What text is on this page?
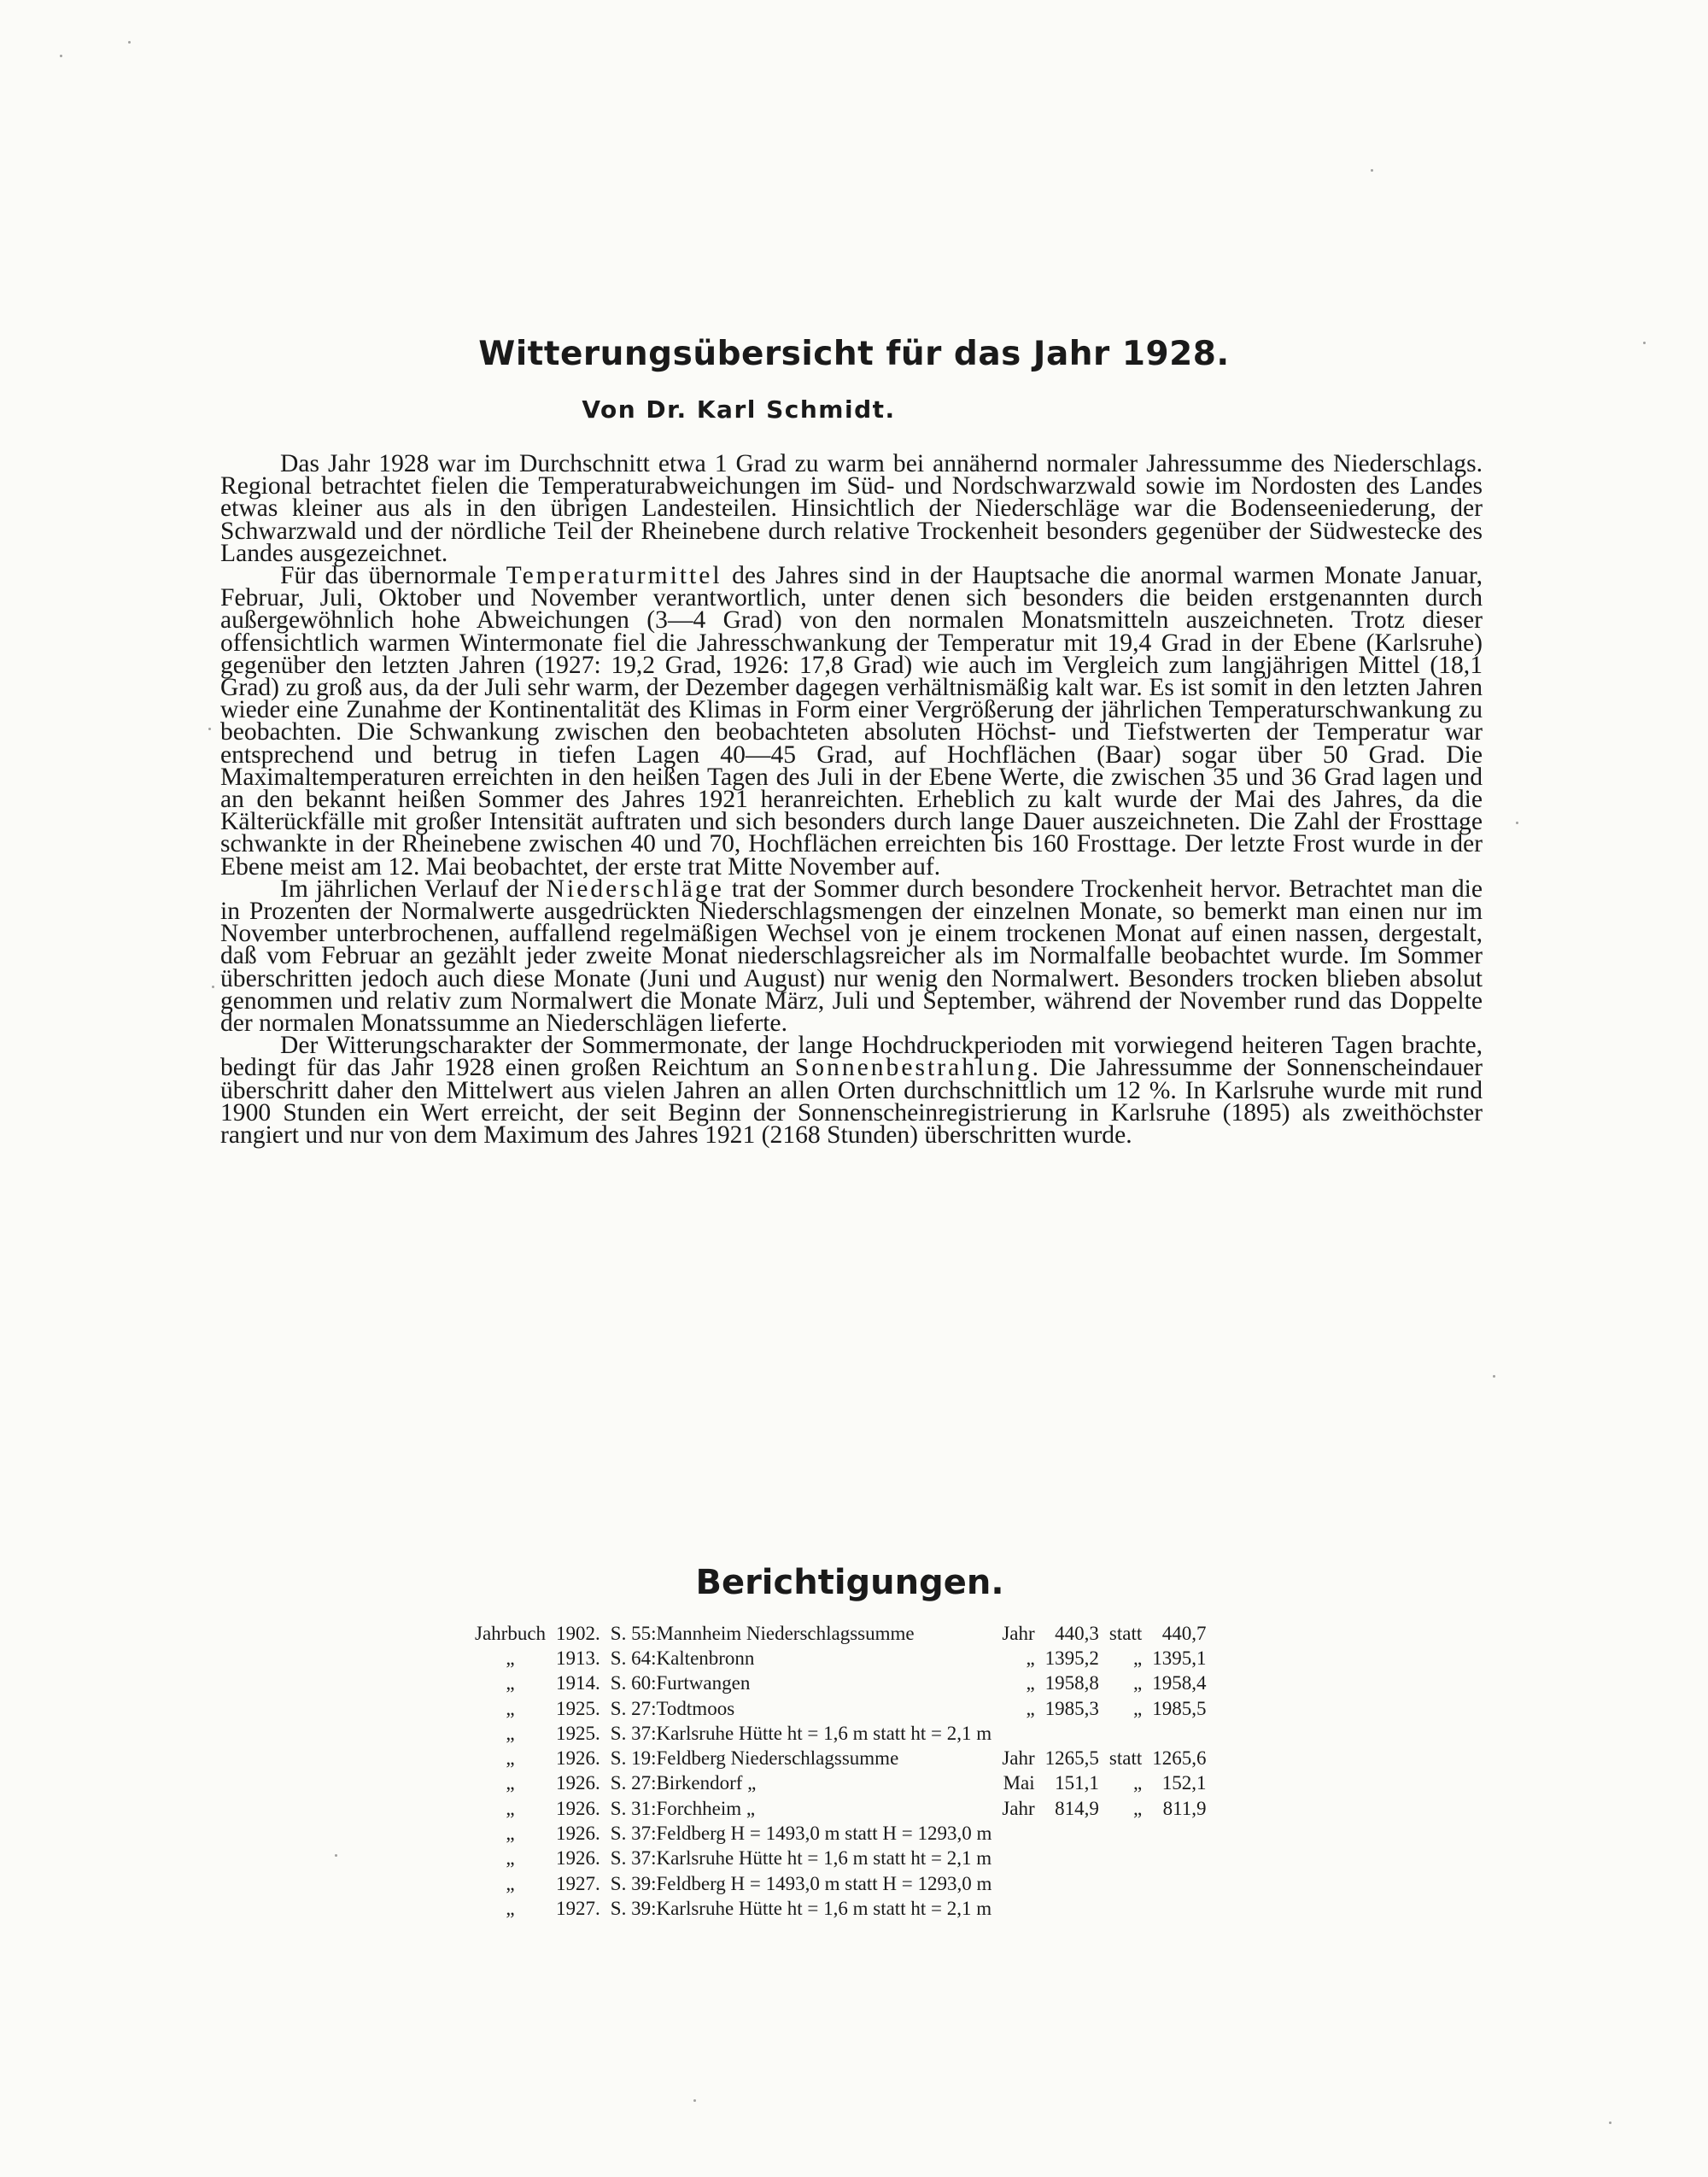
Witterungsübersicht für das Jahr 1928.
Von Dr. Karl Schmidt.

Das Jahr 1928 war im Durchschnitt etwa 1 Grad zu warm bei annähernd normaler Jahressumme des Niederschlags. Regional betrachtet fielen die Temperaturabweichungen im Süd- und Nordschwarzwald sowie im Nordosten des Landes etwas kleiner aus als in den übrigen Landesteilen. Hinsichtlich der Niederschläge war die Bodenseeniederung, der Schwarzwald und der nördliche Teil der Rheinebene durch relative Trockenheit besonders gegenüber der Südwestecke des Landes ausgezeichnet.

Für das übernormale Temperaturmittel des Jahres sind in der Hauptsache die anormal warmen Monate Januar, Februar, Juli, Oktober und November verantwortlich, unter denen sich besonders die beiden erstgenannten durch außergewöhnlich hohe Abweichungen (3—4 Grad) von den normalen Monatsmitteln auszeichneten. Trotz dieser offensichtlich warmen Wintermonate fiel die Jahresschwankung der Temperatur mit 19,4 Grad in der Ebene (Karlsruhe) gegenüber den letzten Jahren (1927: 19,2 Grad, 1926: 17,8 Grad) wie auch im Vergleich zum langjährigen Mittel (18,1 Grad) zu groß aus, da der Juli sehr warm, der Dezember dagegen verhältnismäßig kalt war. Es ist somit in den letzten Jahren wieder eine Zunahme der Kontinentalität des Klimas in Form einer Vergrößerung der jährlichen Temperaturschwankung zu beobachten. Die Schwankung zwischen den beobachteten absoluten Höchst- und Tiefstwerten der Temperatur war entsprechend und betrug in tiefen Lagen 40—45 Grad, auf Hochflächen (Baar) sogar über 50 Grad. Die Maximaltemperaturen erreichten in den heißen Tagen des Juli in der Ebene Werte, die zwischen 35 und 36 Grad lagen und an den bekannt heißen Sommer des Jahres 1921 heranreichten. Erheblich zu kalt wurde der Mai des Jahres, da die Kälterückfälle mit großer Intensität auftraten und sich besonders durch lange Dauer auszeichneten. Die Zahl der Frosttage schwankte in der Rheinebene zwischen 40 und 70, Hochflächen erreichten bis 160 Frosttage. Der letzte Frost wurde in der Ebene meist am 12. Mai beobachtet, der erste trat Mitte November auf.

Im jährlichen Verlauf der Niederschläge trat der Sommer durch besondere Trockenheit hervor. Betrachtet man die in Prozenten der Normalwerte ausgedrückten Niederschlagsmengen der einzelnen Monate, so bemerkt man einen nur im November unterbrochenen, auffallend regelmäßigen Wechsel von je einem trockenen Monat auf einen nassen, dergestalt, daß vom Februar an gezählt jeder zweite Monat niederschlagsreicher als im Normalfalle beobachtet wurde. Im Sommer überschritten jedoch auch diese Monate (Juni und August) nur wenig den Normalwert. Besonders trocken blieben absolut genommen und relativ zum Normalwert die Monate März, Juli und September, während der November rund das Doppelte der normalen Monatssumme an Niederschlägen lieferte.

Der Witterungscharakter der Sommermonate, der lange Hochdruckperioden mit vorwiegend heiteren Tagen brachte, bedingt für das Jahr 1928 einen großen Reichtum an Sonnenbestrahlung. Die Jahressumme der Sonnenscheindauer überschritt daher den Mittelwert aus vielen Jahren an allen Orten durchschnittlich um 12 %. In Karlsruhe wurde mit rund 1900 Stunden ein Wert erreicht, der seit Beginn der Sonnenscheinregistrierung in Karlsruhe (1895) als zweithöchster rangiert und nur von dem Maximum des Jahres 1921 (2168 Stunden) überschritten wurde.

Berichtigungen.
Jahrbuch	1902.	S. 55:	Mannheim Niederschlagssumme	Jahr	440,3	statt	440,7
„	1913.	S. 64:	Kaltenbronn	„	1395,2	„	1395,1
„	1914.	S. 60:	Furtwangen	„	1958,8	„	1958,4
„	1925.	S. 27:	Todtmoos	„	1985,3	„	1985,5
„	1925.	S. 37:	Karlsruhe Hütte ht = 1,6 m statt ht = 2,1 m				
„	1926.	S. 19:	Feldberg Niederschlagssumme	Jahr	1265,5	statt	1265,6
„	1926.	S. 27:	Birkendorf „	Mai	151,1	„	152,1
„	1926.	S. 31:	Forchheim „	Jahr	814,9	„	811,9
„	1926.	S. 37:	Feldberg H = 1493,0 m statt H = 1293,0 m				
„	1926.	S. 37:	Karlsruhe Hütte ht = 1,6 m statt ht = 2,1 m				
„	1927.	S. 39:	Feldberg H = 1493,0 m statt H = 1293,0 m				
„	1927.	S. 39:	Karlsruhe Hütte ht = 1,6 m statt ht = 2,1 m				
